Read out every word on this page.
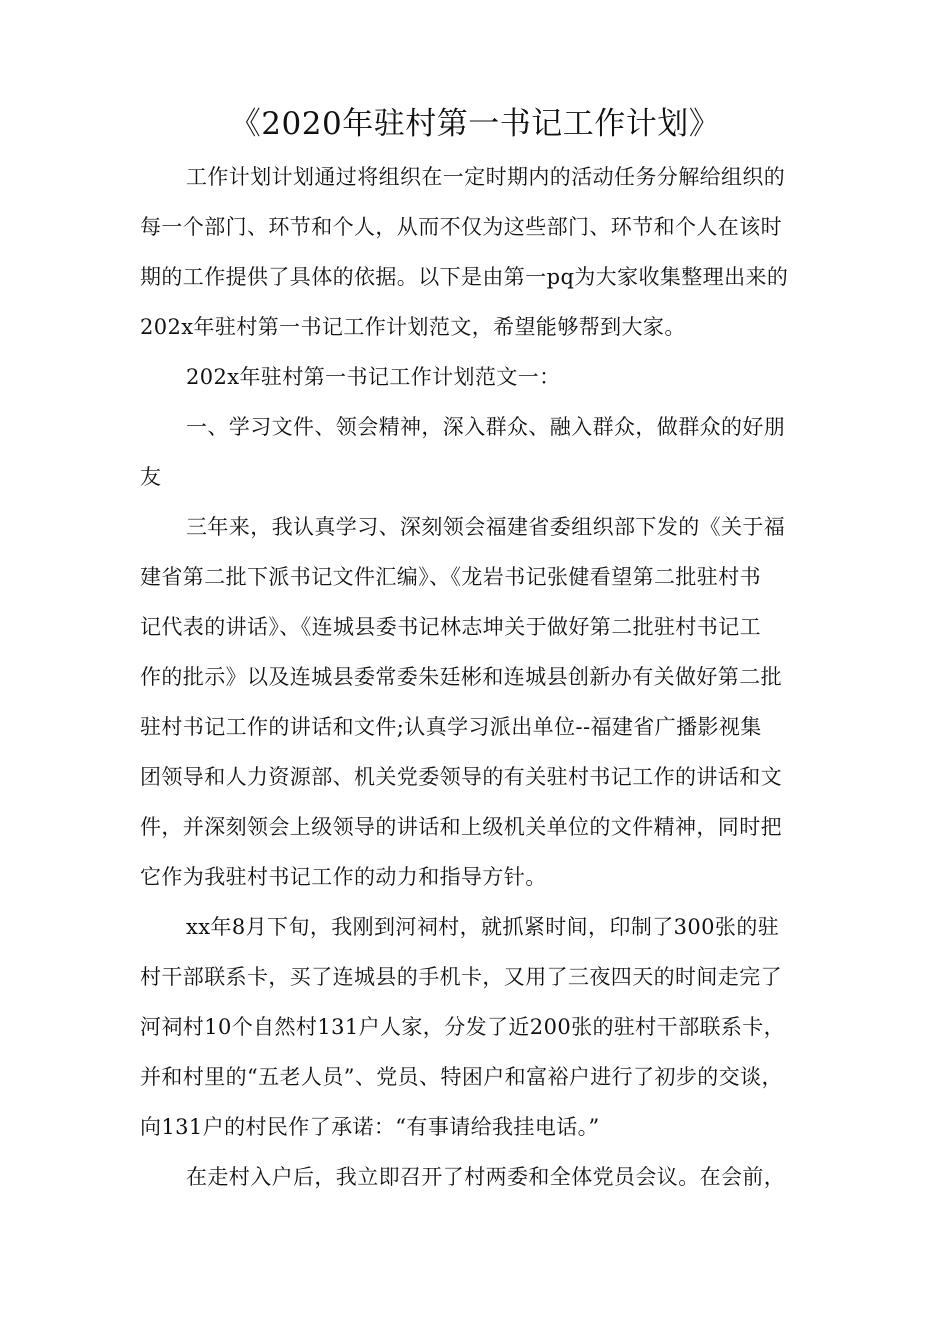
《2020年驻村第一书记工作计划》
工作计划计划通过将组织在一定时期内的活动任务分解给组织的
每一个部门、环节和个人，从而不仅为这些部门、环节和个人在该时
期的工作提供了具体的依据。以下是由第一pq为大家收集整理出来的
202x年驻村第一书记工作计划范文，希望能够帮到大家。
202x年驻村第一书记工作计划范文一：
一、学习文件、领会精神，深入群众、融入群众，做群众的好朋
友
三年来，我认真学习、深刻领会福建省委组织部下发的《关于福
建省第二批下派书记文件汇编》、《龙岩书记张健看望第二批驻村书
记代表的讲话》、《连城县委书记林志坤关于做好第二批驻村书记工
作的批示》以及连城县委常委朱廷彬和连城县创新办有关做好第二批
驻村书记工作的讲话和文件;认真学习派出单位--福建省广播影视集
团领导和人力资源部、机关党委领导的有关驻村书记工作的讲话和文
件，并深刻领会上级领导的讲话和上级机关单位的文件精神，同时把
它作为我驻村书记工作的动力和指导方针。
xx年8月下旬，我刚到河祠村，就抓紧时间，印制了300张的驻
村干部联系卡，买了连城县的手机卡，又用了三夜四天的时间走完了
河祠村10个自然村131户人家，分发了近200张的驻村干部联系卡，
并和村里的“五老人员”、党员、特困户和富裕户进行了初步的交谈，
向131户的村民作了承诺：“有事请给我挂电话。”
在走村入户后，我立即召开了村两委和全体党员会议。在会前，
